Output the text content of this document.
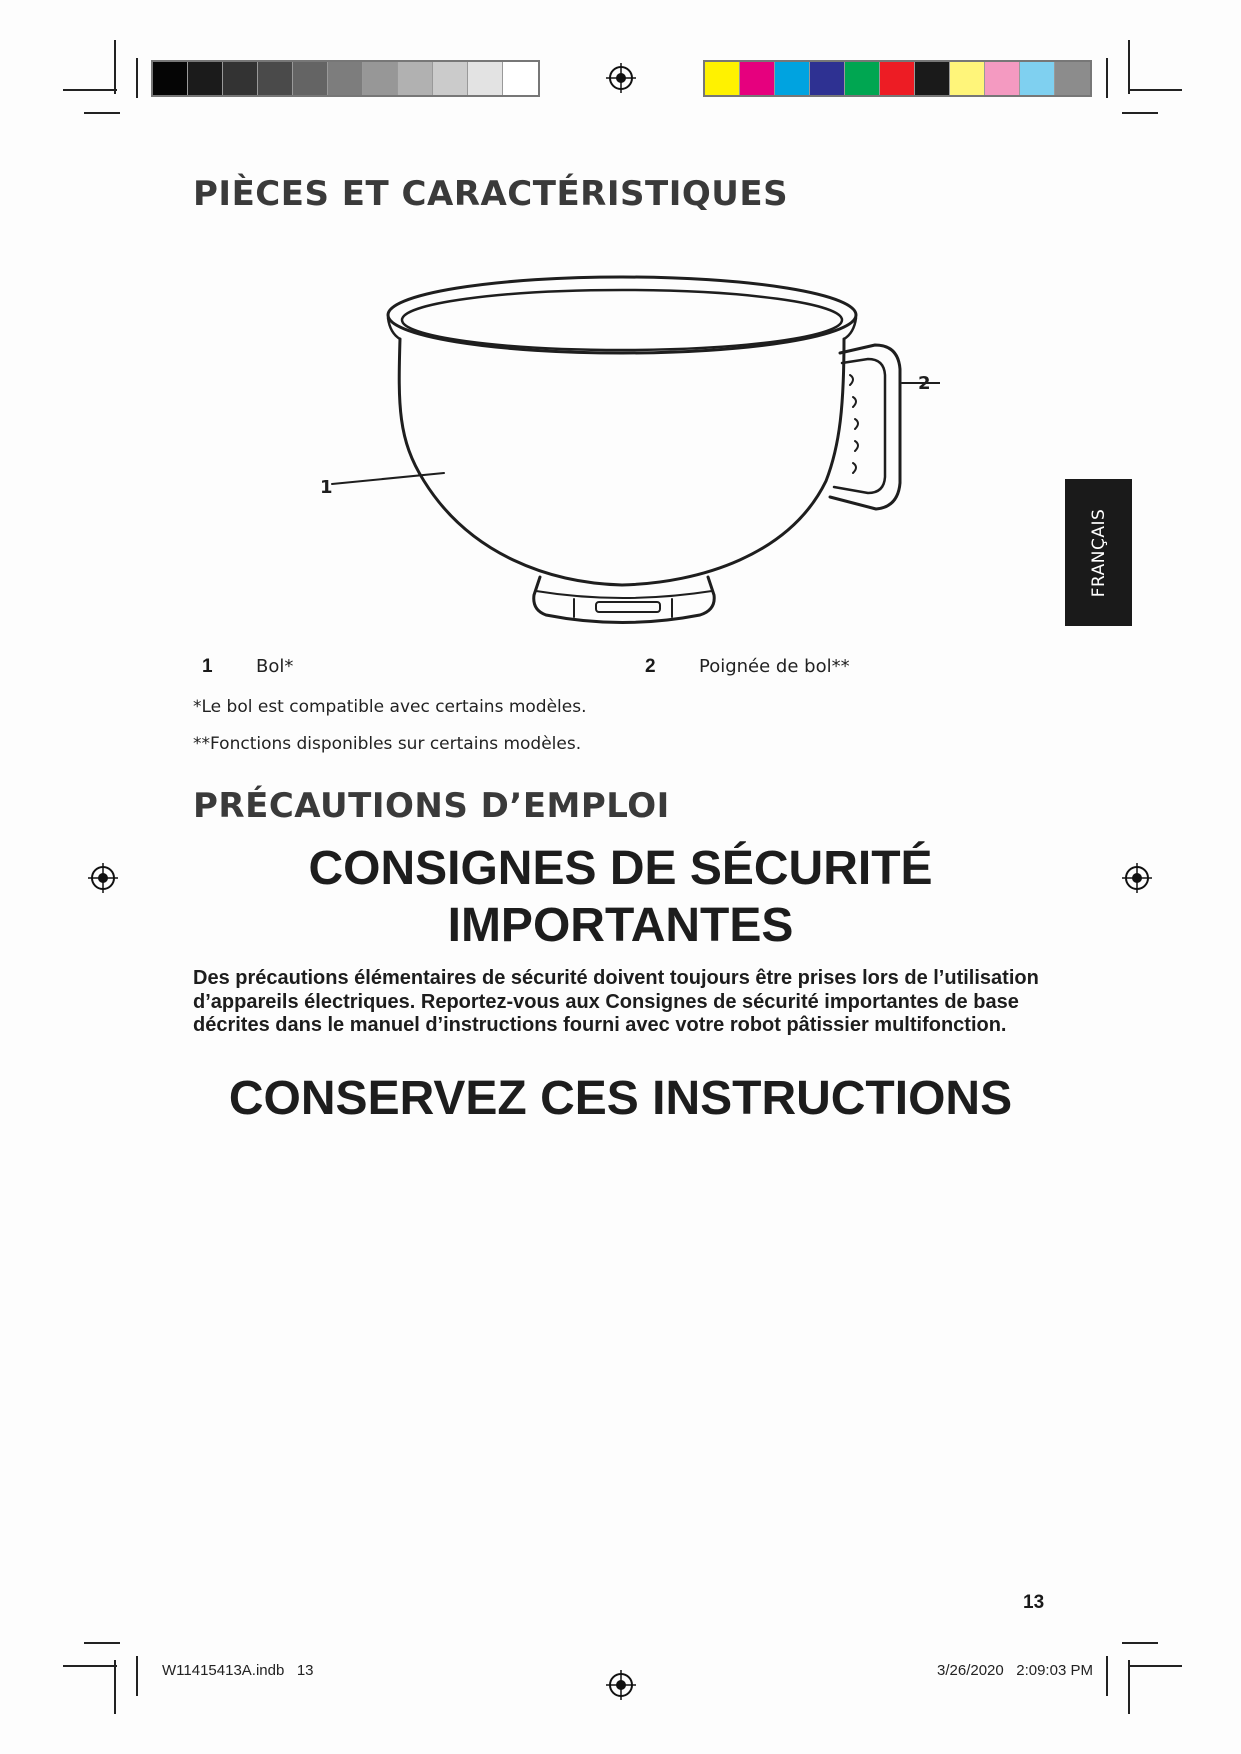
PIÈCES ET CARACTÉRISTIQUES
1
2
1 Bol*	2 Poignée de bol**
*Le bol est compatible avec certains modèles.
**Fonctions disponibles sur certains modèles.
FRANÇAIS
PRÉCAUTIONS D’EMPLOI
CONSIGNES DE SÉCURITÉ
IMPORTANTES

Des précautions élémentaires de sécurité doivent toujours être prises lors de l’utilisation d’appareils électriques. Reportez-vous aux Consignes de sécurité importantes de base décrites dans le manuel d’instructions fourni avec votre robot pâtissier multifonction.

CONSERVEZ CES INSTRUCTIONS
13
W11415413A.indb   13	3/26/2020   2:09:03 PM
